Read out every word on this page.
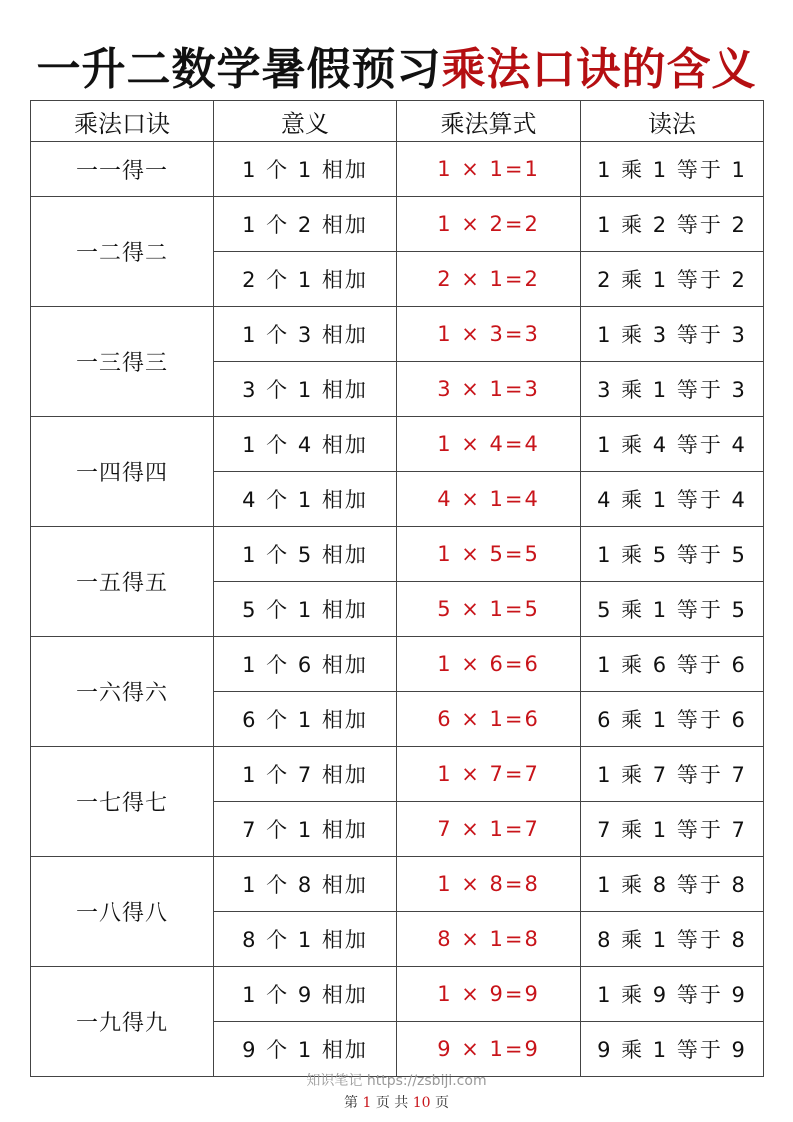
一升二数学暑假预习乘法口诀的含义
乘法口诀	意义	乘法算式	读法
一一得一	1 个 1 相加	1 × 1=1	1 乘 1 等于 1
一二得二	1 个 2 相加	1 × 2=2	1 乘 2 等于 2
	2 个 1 相加	2 × 1=2	2 乘 1 等于 2
一三得三	1 个 3 相加	1 × 3=3	1 乘 3 等于 3
	3 个 1 相加	3 × 1=3	3 乘 1 等于 3
一四得四	1 个 4 相加	1 × 4=4	1 乘 4 等于 4
	4 个 1 相加	4 × 1=4	4 乘 1 等于 4
一五得五	1 个 5 相加	1 × 5=5	1 乘 5 等于 5
	5 个 1 相加	5 × 1=5	5 乘 1 等于 5
一六得六	1 个 6 相加	1 × 6=6	1 乘 6 等于 6
	6 个 1 相加	6 × 1=6	6 乘 1 等于 6
一七得七	1 个 7 相加	1 × 7=7	1 乘 7 等于 7
	7 个 1 相加	7 × 1=7	7 乘 1 等于 7
一八得八	1 个 8 相加	1 × 8=8	1 乘 8 等于 8
	8 个 1 相加	8 × 1=8	8 乘 1 等于 8
一九得九	1 个 9 相加	1 × 9=9	1 乘 9 等于 9
	9 个 1 相加	9 × 1=9	9 乘 1 等于 9
知识笔记 https://zsbiji.com
第 1 页 共 10 页
